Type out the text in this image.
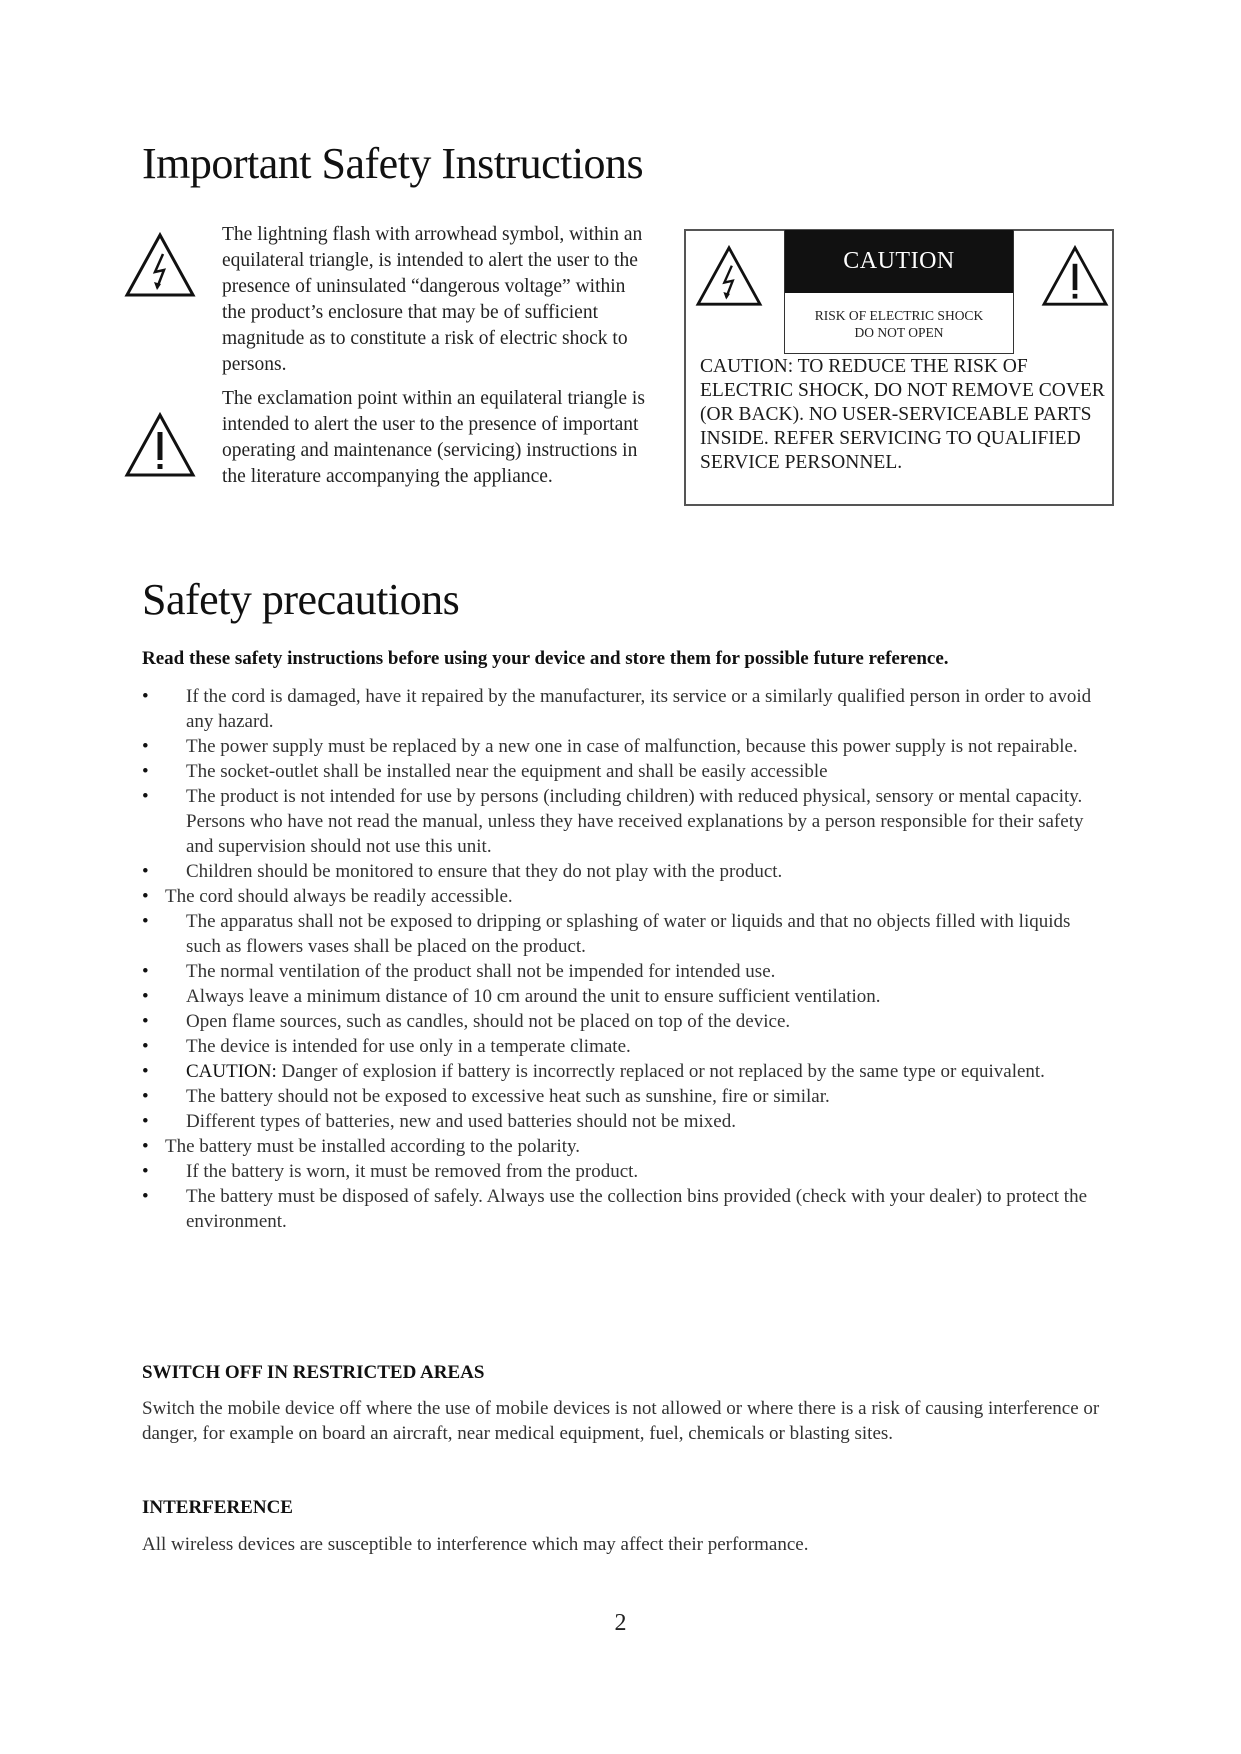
Important Safety Instructions
The lightning flash with arrowhead symbol, within an equilateral triangle, is intended to alert the user to the presence of uninsulated “dangerous voltage” within the product’s enclosure that may be of sufficient magnitude as to constitute a risk of electric shock to persons.
The exclamation point within an equilateral triangle is intended to alert the user to the presence of important operating and maintenance (servicing) instructions in the literature accompanying the appliance.
CAUTION
RISK OF ELECTRIC SHOCK
DO NOT OPEN
CAUTION: TO REDUCE THE RISK OF ELECTRIC SHOCK, DO NOT REMOVE COVER (OR BACK). NO USER-SERVICEABLE PARTS INSIDE. REFER SERVICING TO QUALIFIED SERVICE PERSONNEL.
Safety precautions
Read these safety instructions before using your device and store them for possible future reference.
• If the cord is damaged, have it repaired by the manufacturer, its service or a similarly qualified person in order to avoid any hazard.
• The power supply must be replaced by a new one in case of malfunction, because this power supply is not repairable.
• The socket-outlet shall be installed near the equipment and shall be easily accessible
• The product is not intended for use by persons (including children) with reduced physical, sensory or mental capacity. Persons who have not read the manual, unless they have received explanations by a person responsible for their safety and supervision should not use this unit.
• Children should be monitored to ensure that they do not play with the product.
• The cord should always be readily accessible.
• The apparatus shall not be exposed to dripping or splashing of water or liquids and that no objects filled with liquids such as flowers vases shall be placed on the product.
• The normal ventilation of the product shall not be impended for intended use.
• Always leave a minimum distance of 10 cm around the unit to ensure sufficient ventilation.
• Open flame sources, such as candles, should not be placed on top of the device.
• The device is intended for use only in a temperate climate.
• CAUTION: Danger of explosion if battery is incorrectly replaced or not replaced by the same type or equivalent.
• The battery should not be exposed to excessive heat such as sunshine, fire or similar.
• Different types of batteries, new and used batteries should not be mixed.
• The battery must be installed according to the polarity.
• If the battery is worn, it must be removed from the product.
• The battery must be disposed of safely. Always use the collection bins provided (check with your dealer) to protect the environment.
SWITCH OFF IN RESTRICTED AREAS
Switch the mobile device off where the use of mobile devices is not allowed or where there is a risk of causing interference or danger, for example on board an aircraft, near medical equipment, fuel, chemicals or blasting sites.
INTERFERENCE
All wireless devices are susceptible to interference which may affect their performance.
2
